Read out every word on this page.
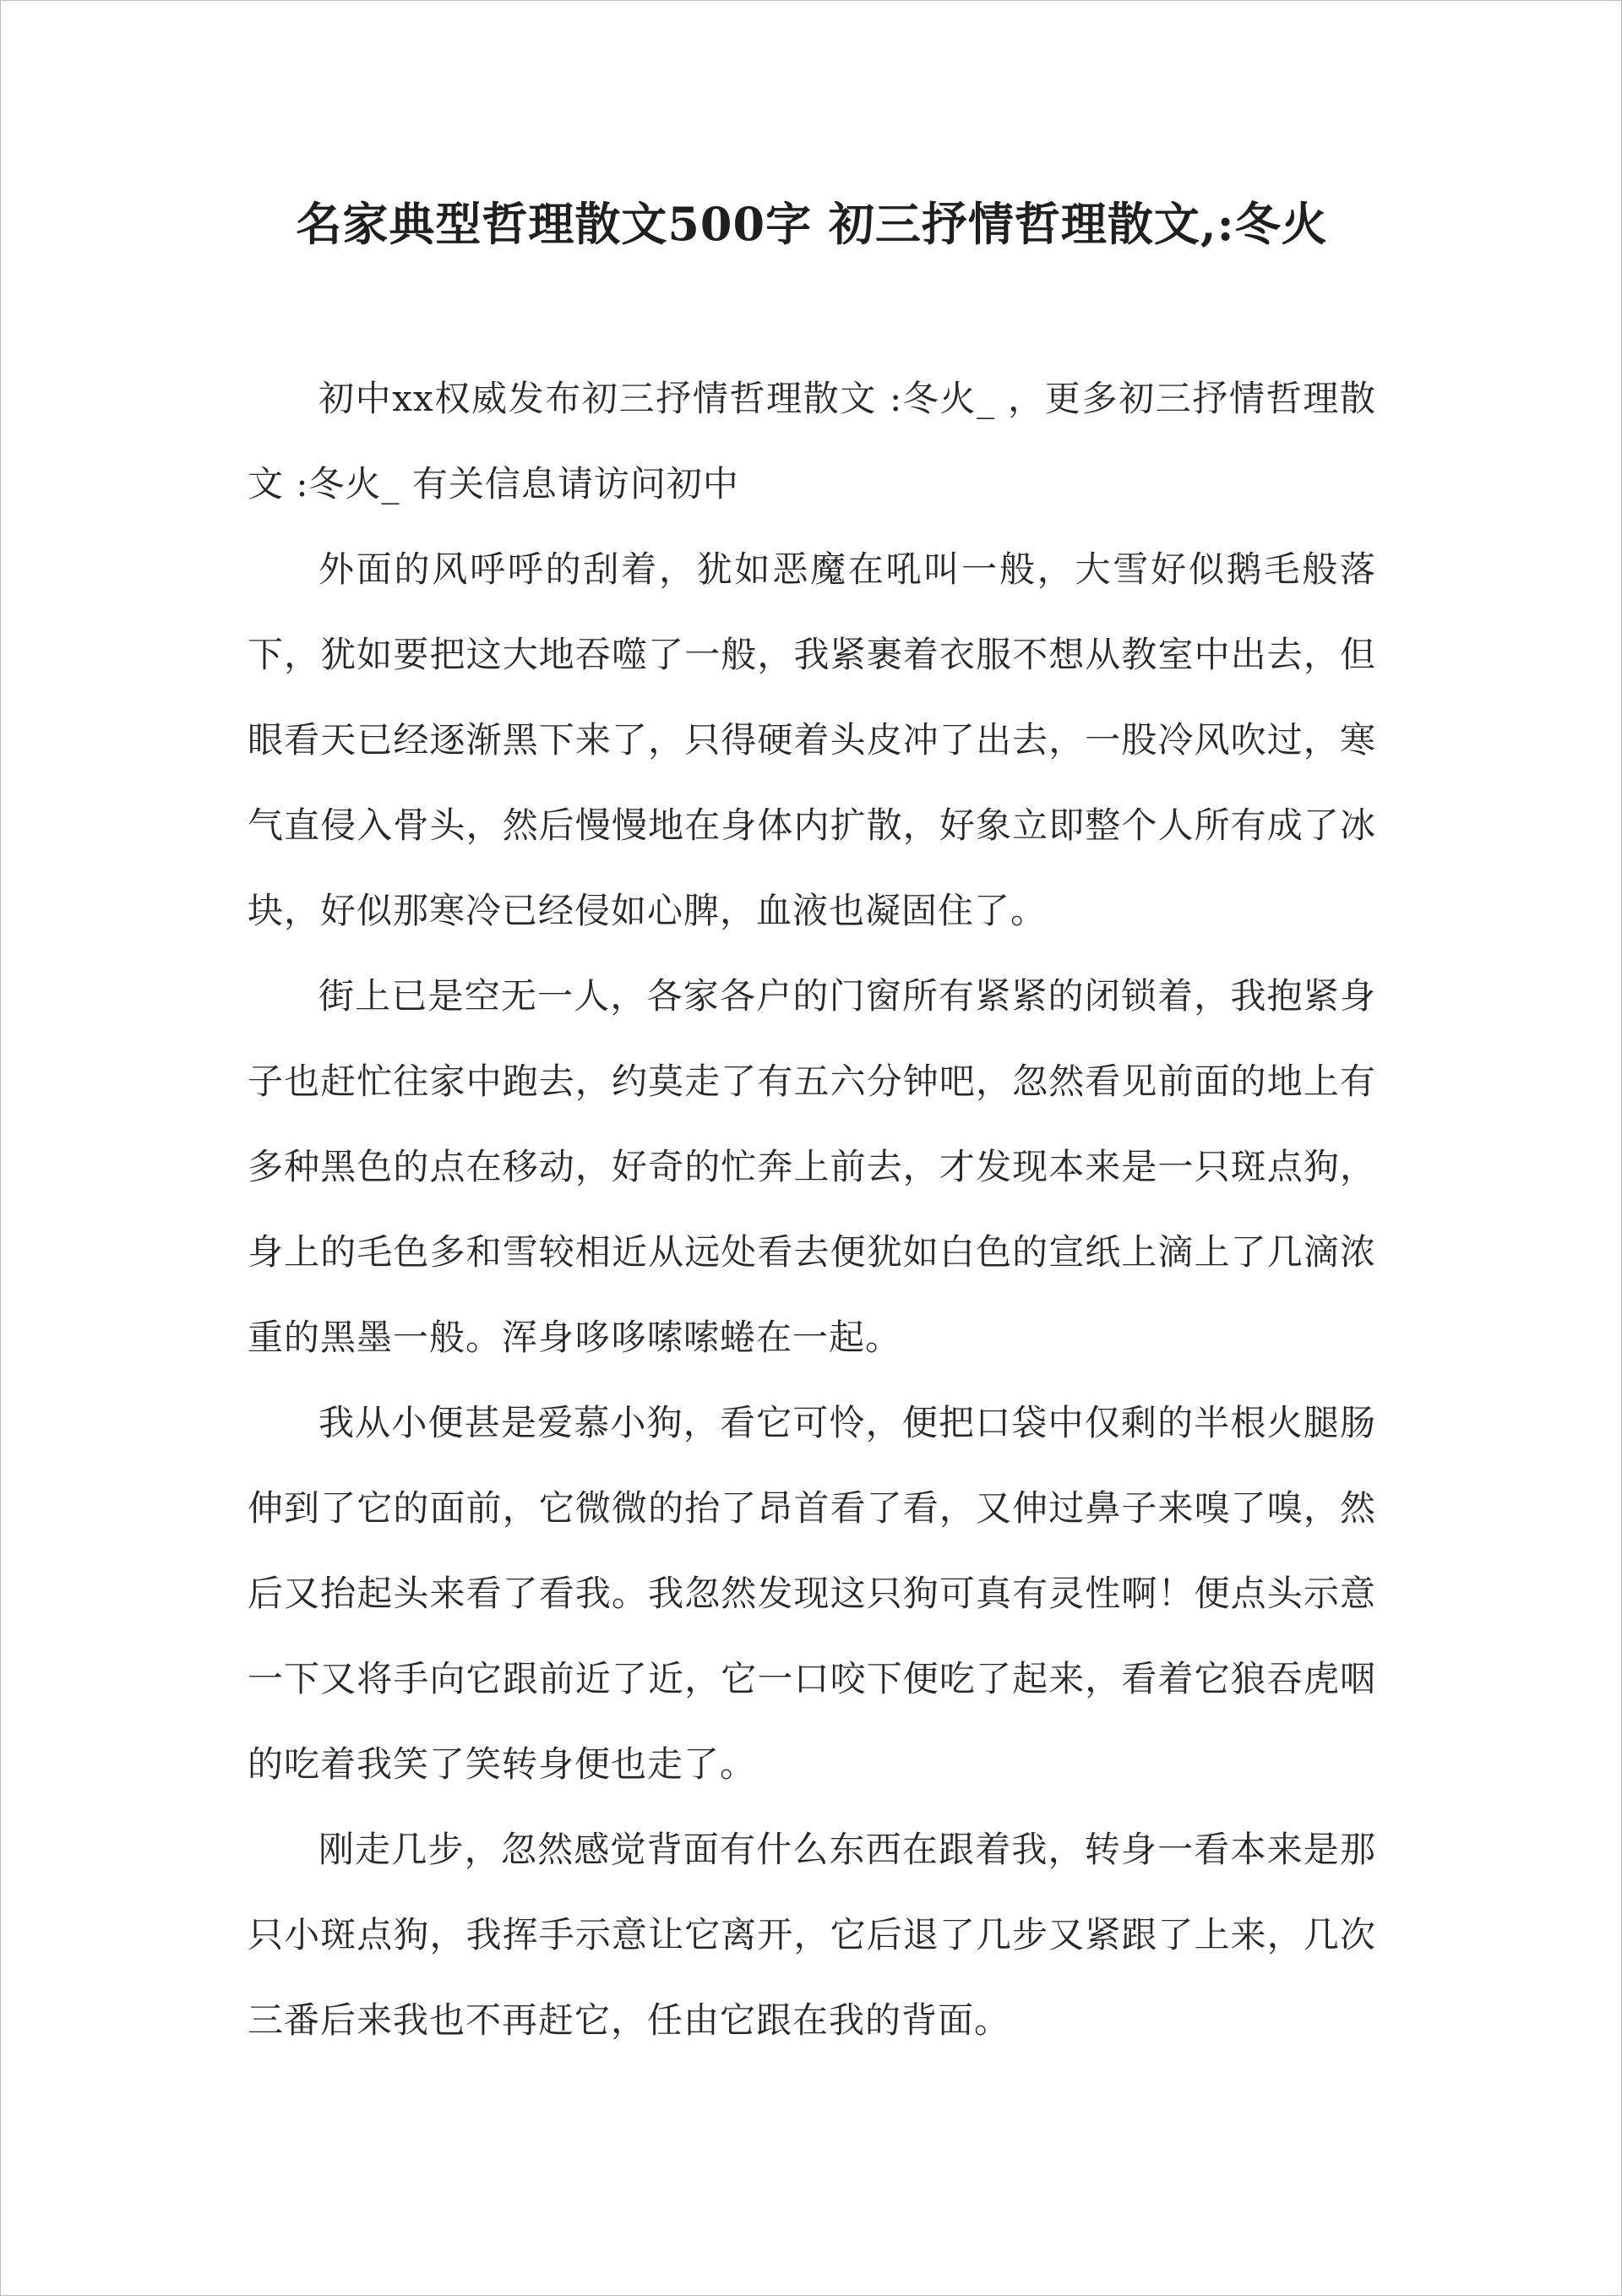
名家典型哲理散文500字 初三抒情哲理散文,:冬火

初中xx权威发布初三抒情哲理散文 :冬火_ ，更多初三抒情哲理散文 :冬火_ 有关信息请访问初中

外面的风呼呼的刮着，犹如恶魔在吼叫一般，大雪好似鹅毛般落下，犹如要把这大地吞噬了一般，我紧裹着衣服不想从教室中出去，但眼看天已经逐渐黑下来了，只得硬着头皮冲了出去，一股冷风吹过，寒气直侵入骨头，然后慢慢地在身体内扩散，好象立即整个人所有成了冰块，好似那寒冷已经侵如心脾，血液也凝固住了。

街上已是空无一人，各家各户的门窗所有紧紧的闭锁着，我抱紧身子也赶忙往家中跑去，约莫走了有五六分钟吧，忽然看见前面的地上有多种黑色的点在移动，好奇的忙奔上前去，才发现本来是一只斑点狗，身上的毛色多和雪较相近从远处看去便犹如白色的宣纸上滴上了几滴浓重的黑墨一般。浑身哆哆嗦嗦蜷在一起。

我从小便甚是爱慕小狗，看它可怜，便把口袋中仅剩的半根火腿肠伸到了它的面前，它微微的抬了昂首看了看，又伸过鼻子来嗅了嗅，然后又抬起头来看了看我。我忽然发现这只狗可真有灵性啊！便点头示意一下又将手向它跟前近了近，它一口咬下便吃了起来，看着它狼吞虎咽的吃着我笑了笑转身便也走了。

刚走几步，忽然感觉背面有什么东西在跟着我，转身一看本来是那只小斑点狗，我挥手示意让它离开，它后退了几步又紧跟了上来，几次三番后来我也不再赶它，任由它跟在我的背面。
